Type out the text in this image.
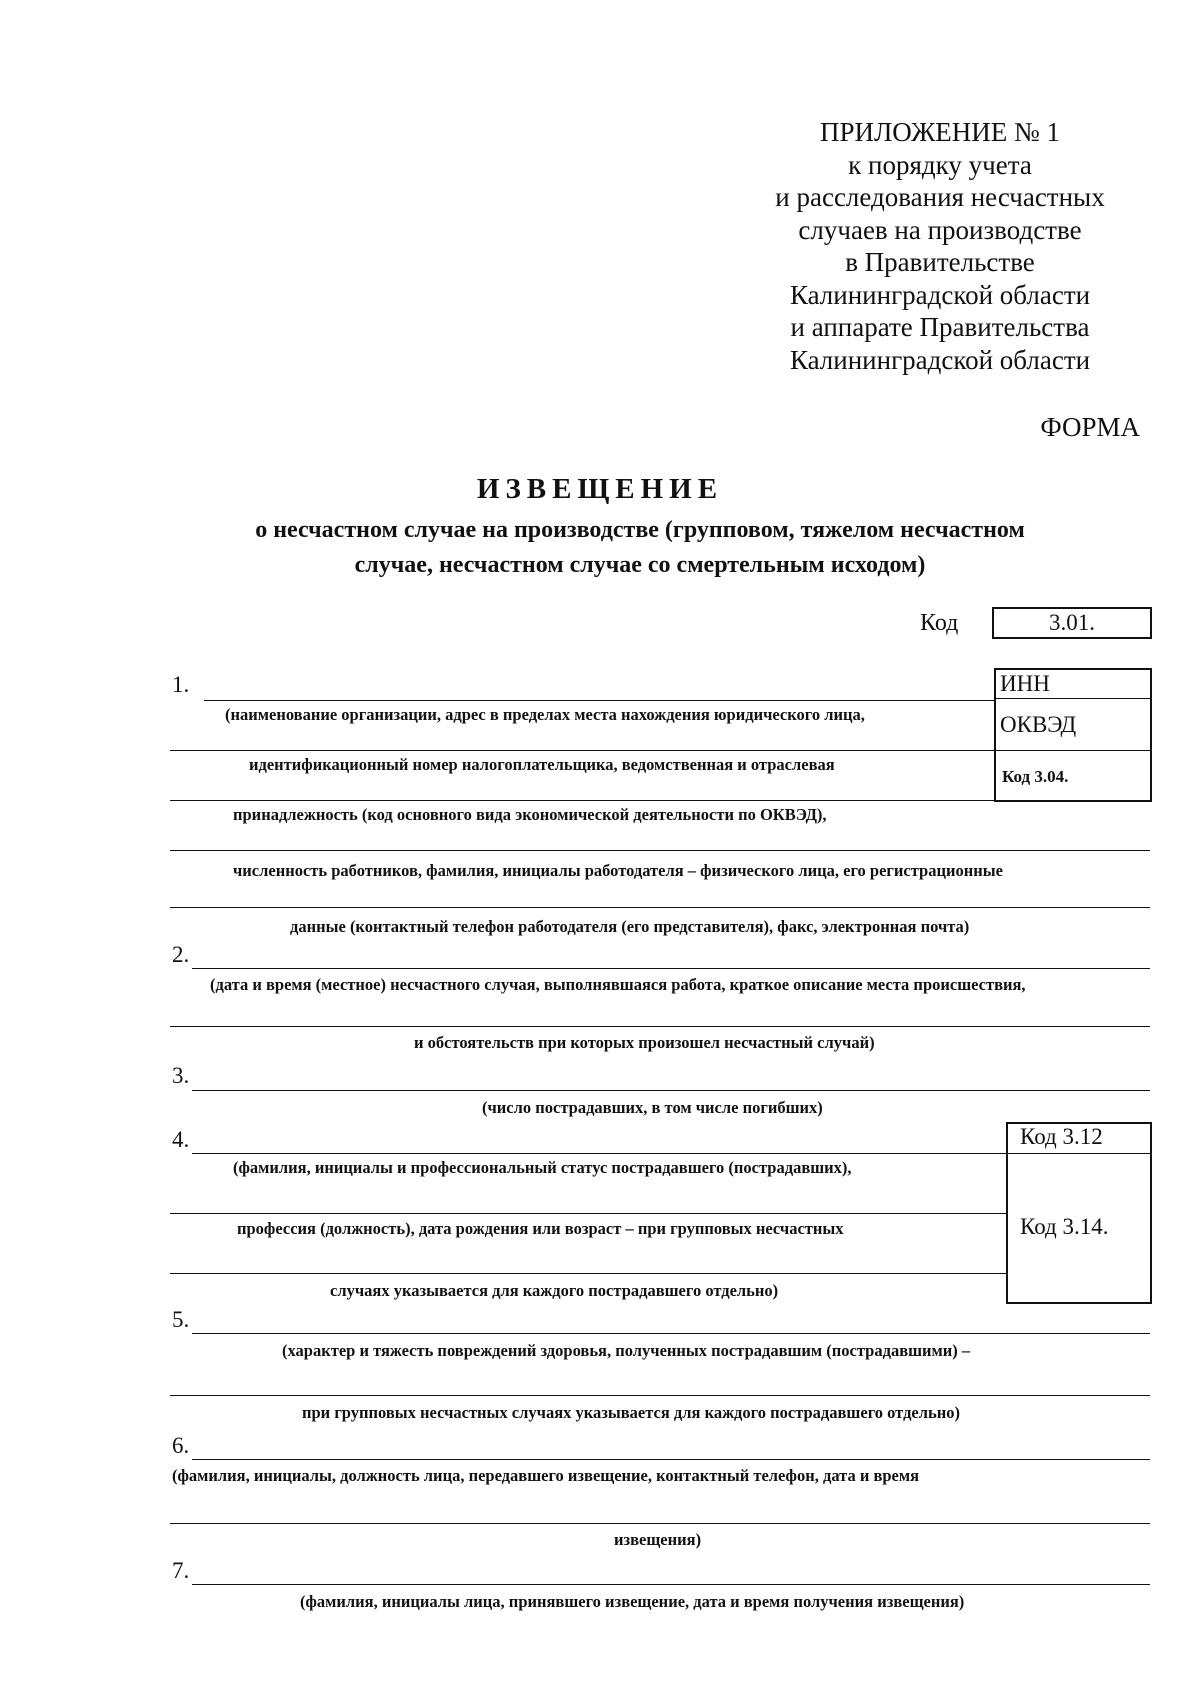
ПРИЛОЖЕНИЕ № 1
к порядку учета
и расследования несчастных
случаев на производстве
в Правительстве
Калининградской области
и аппарате Правительства
Калининградской области
ФОРМА
ИЗВЕЩЕНИЕ
о несчастном случае на производстве (групповом, тяжелом несчастном
случае, несчастном случае со смертельным исходом)
Код	3.01.
1.
(наименование организации, адрес в пределах места нахождения юридического лица,
идентификационный номер налогоплательщика, ведомственная и отраслевая
принадлежность (код основного вида экономической деятельности по ОКВЭД),
численность работников, фамилия, инициалы работодателя – физического лица, его регистрационные
данные (контактный телефон работодателя (его представителя), факс, электронная почта)
ИНН
ОКВЭД
Код 3.04.
2.
(дата и время (местное) несчастного случая, выполнявшаяся работа, краткое описание места происшествия,
и обстоятельств при которых произошел несчастный случай)
3.
(число пострадавших, в том числе погибших)
4.
(фамилия, инициалы и профессиональный статус пострадавшего (пострадавших),
профессия (должность), дата рождения или возраст – при групповых несчастных
случаях указывается для каждого пострадавшего отдельно)
Код 3.12
Код 3.14.
5.
(характер и тяжесть повреждений здоровья, полученных пострадавшим (пострадавшими) –
при групповых несчастных случаях указывается для каждого пострадавшего отдельно)
6.
(фамилия, инициалы, должность лица, передавшего извещение, контактный телефон, дата и время
извещения)
7.
(фамилия, инициалы лица, принявшего извещение, дата и время получения извещения)
